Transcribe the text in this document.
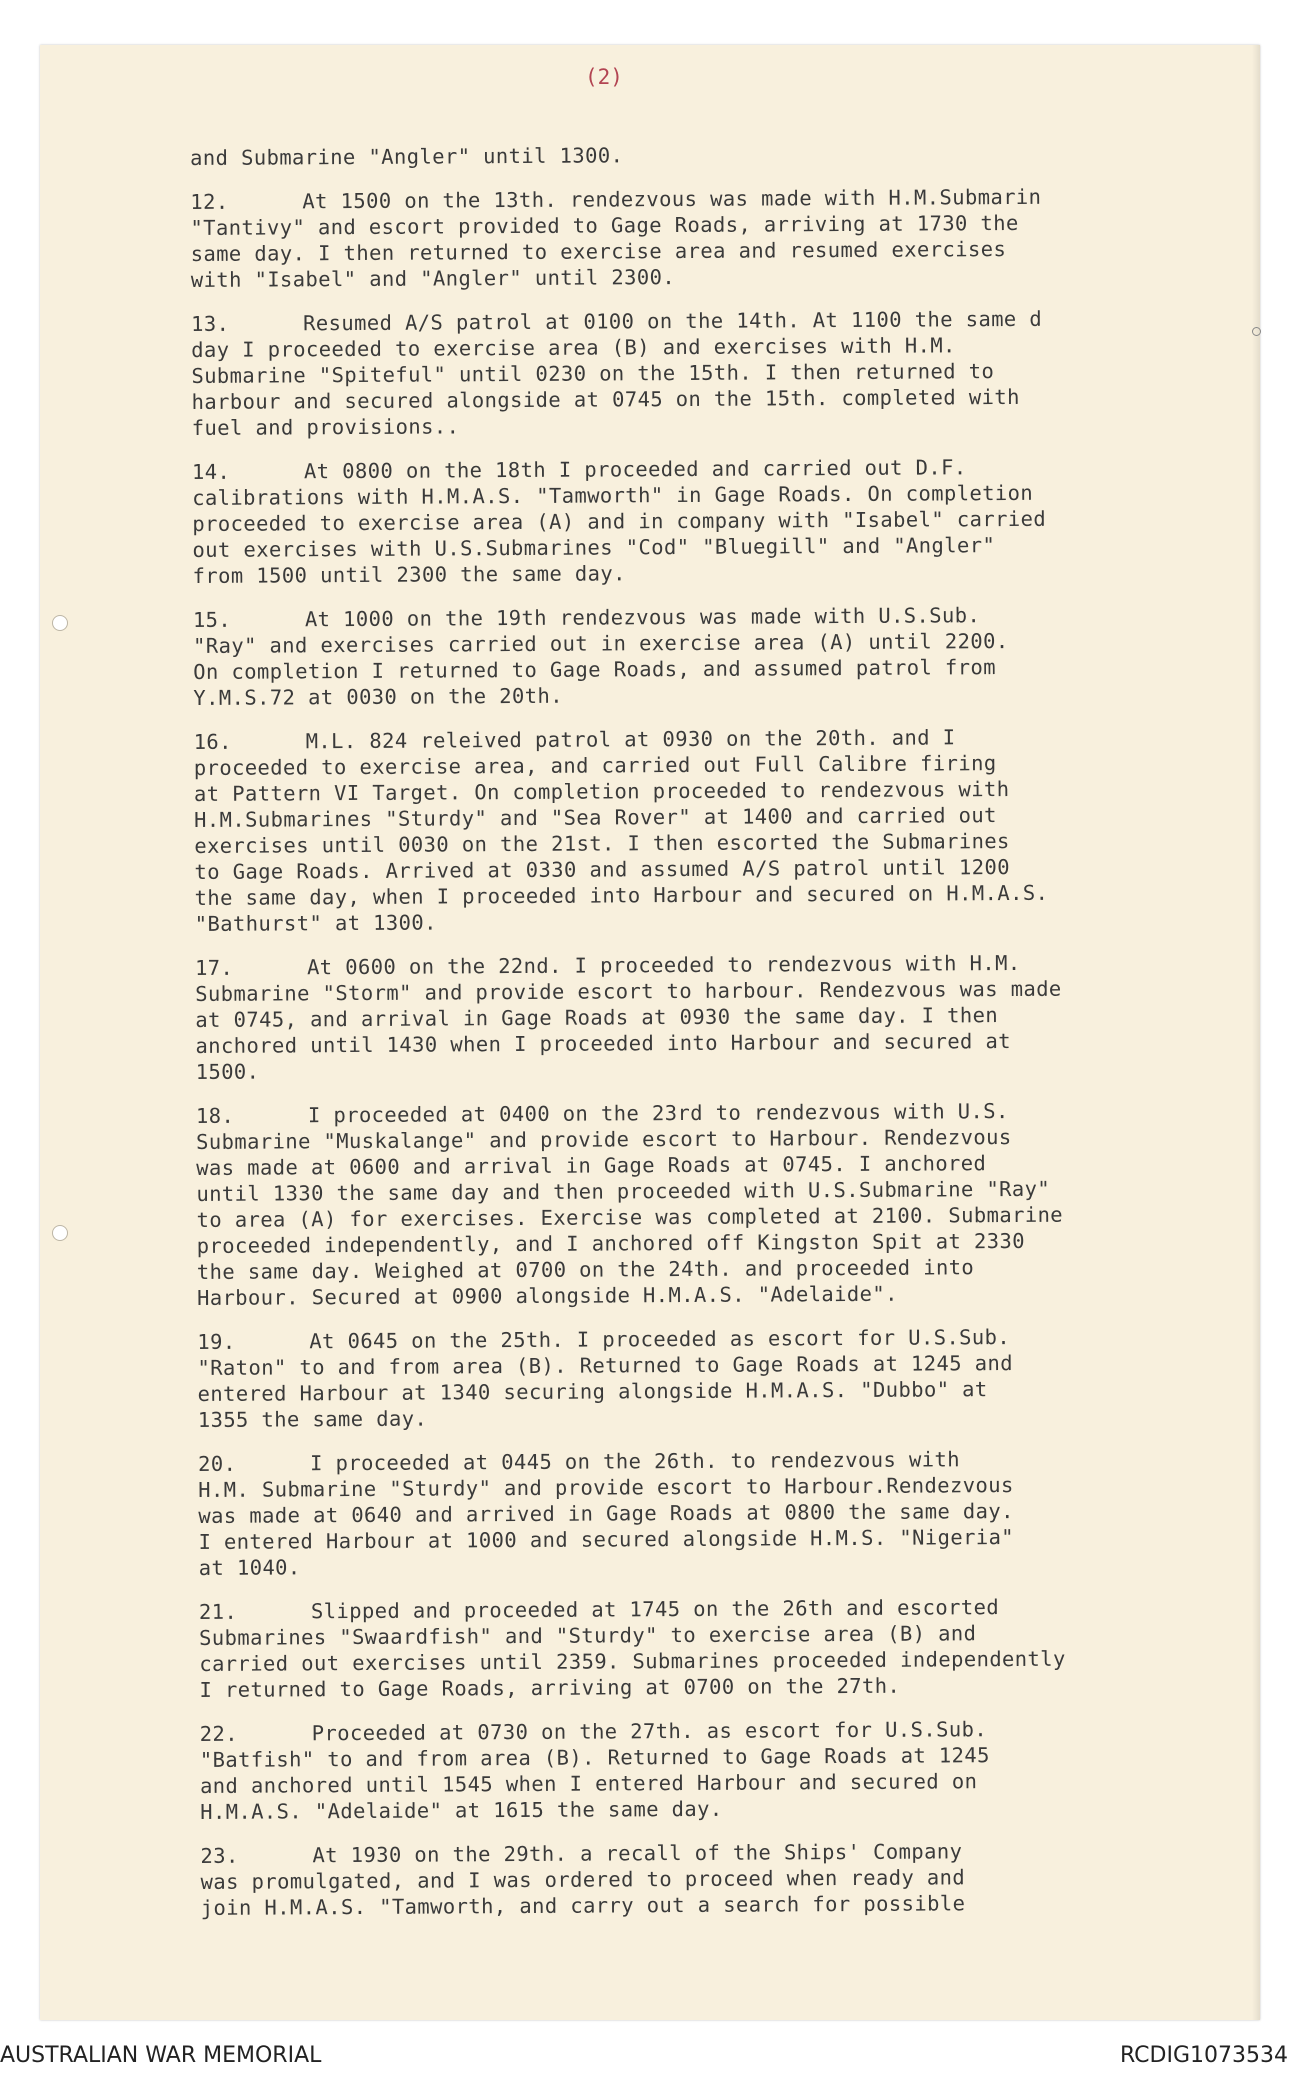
(2)

and Submarine "Angler" until 1300.

12.	At 1500 on the 13th. rendezvous was made with H.M.Submarin
"Tantivy" and escort provided to Gage Roads, arriving at 1730 the
same day. I then returned to exercise area and resumed exercises
with "Isabel" and "Angler" until 2300.

13.	Resumed A/S patrol at 0100 on the 14th. At 1100 the same d
day I proceeded to exercise area (B) and exercises with H.M.
Submarine "Spiteful" until 0230 on the 15th. I then returned to
harbour and secured alongside at 0745 on the 15th. completed with
fuel and provisions..

14.	At 0800 on the 18th I proceeded and carried out D.F.
calibrations with H.M.A.S. "Tamworth" in Gage Roads. On completion
proceeded to exercise area (A) and in company with "Isabel" carried
out exercises with U.S.Submarines "Cod" "Bluegill" and "Angler"
from 1500 until 2300 the same day.

15.	At 1000 on the 19th rendezvous was made with U.S.Sub.
"Ray" and exercises carried out in exercise area (A) until 2200.
On completion I returned to Gage Roads, and assumed patrol from
Y.M.S.72 at 0030 on the 20th.

16.	M.L. 824 releived patrol at 0930 on the 20th. and I
proceeded to exercise area, and carried out Full Calibre firing
at Pattern VI Target. On completion proceeded to rendezvous with
H.M.Submarines "Sturdy" and "Sea Rover" at 1400 and carried out
exercises until 0030 on the 21st. I then escorted the Submarines
to Gage Roads. Arrived at 0330 and assumed A/S patrol until 1200
the same day, when I proceeded into Harbour and secured on H.M.A.S.
"Bathurst" at 1300.

17.	At 0600 on the 22nd. I proceeded to rendezvous with H.M.
Submarine "Storm" and provide escort to harbour. Rendezvous was made
at 0745, and arrival in Gage Roads at 0930 the same day. I then
anchored until 1430 when I proceeded into Harbour and secured at
1500.

18.	I proceeded at 0400 on the 23rd to rendezvous with U.S.
Submarine "Muskalange" and provide escort to Harbour. Rendezvous
was made at 0600 and arrival in Gage Roads at 0745. I anchored
until 1330 the same day and then proceeded with U.S.Submarine "Ray"
to area (A) for exercises. Exercise was completed at 2100. Submarine
proceeded independently, and I anchored off Kingston Spit at 2330
the same day. Weighed at 0700 on the 24th. and proceeded into
Harbour. Secured at 0900 alongside H.M.A.S. "Adelaide".

19.	At 0645 on the 25th. I proceeded as escort for U.S.Sub.
"Raton" to and from area (B). Returned to Gage Roads at 1245 and
entered Harbour at 1340 securing alongside H.M.A.S. "Dubbo" at
1355 the same day.

20.	I proceeded at 0445 on the 26th. to rendezvous with
H.M. Submarine "Sturdy" and provide escort to Harbour.Rendezvous
was made at 0640 and arrived in Gage Roads at 0800 the same day.
I entered Harbour at 1000 and secured alongside H.M.S. "Nigeria"
at 1040.

21.	Slipped and proceeded at 1745 on the 26th and escorted
Submarines "Swaardfish" and "Sturdy" to exercise area (B) and
carried out exercises until 2359. Submarines proceeded independently
I returned to Gage Roads, arriving at 0700 on the 27th.

22.	Proceeded at 0730 on the 27th. as escort for U.S.Sub.
"Batfish" to and from area (B). Returned to Gage Roads at 1245
and anchored until 1545 when I entered Harbour and secured on
H.M.A.S. "Adelaide" at 1615 the same day.

23.	At 1930 on the 29th. a recall of the Ships' Company
was promulgated, and I was ordered to proceed when ready and
join H.M.A.S. "Tamworth, and carry out a search for possible

AUSTRALIAN WAR MEMORIAL	RCDIG1073534
